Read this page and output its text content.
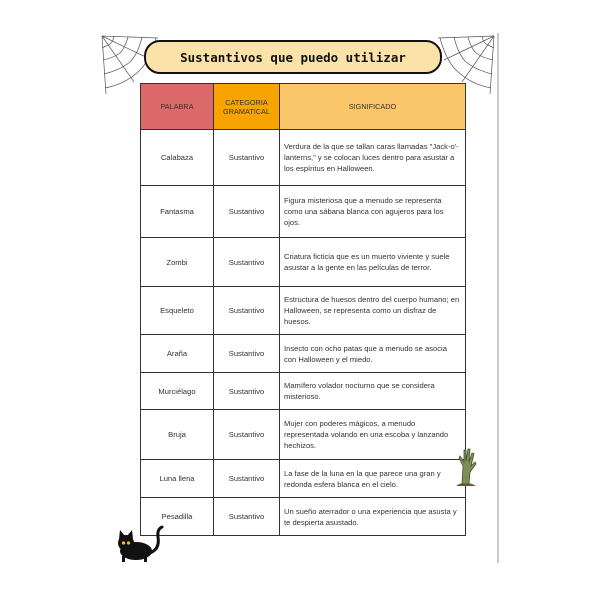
Sustantivos que puedo utilizar
PALABRA	CATEGORIA GRAMATICAL	SIGNIFICADO
Calabaza	Sustantivo	Verdura de la que se tallan caras llamadas "Jack-o'-lanterns," y se colocan luces dentro para asustar a los espíritus en Halloween.
Fantasma	Sustantivo	Figura misteriosa que a menudo se representa como una sábana blanca con agujeros para los ojos.
Zombi	Sustantivo	Criatura ficticia que es un muerto viviente y suele asustar a la gente en las películas de terror.
Esqueleto	Sustantivo	Estructura de huesos dentro del cuerpo humano; en Halloween, se representa como un disfraz de huesos.
Araña	Sustantivo	Insecto con ocho patas que a menudo se asocia con Halloween y el miedo.
Murciélago	Sustantivo	Mamífero volador nocturno que se considera misterioso.
Bruja	Sustantivo	Mujer con poderes mágicos, a menudo representada volando en una escoba y lanzando hechizos.
Luna llena	Sustantivo	La fase de la luna en la que parece una gran y redonda esfera blanca en el cielo.
Pesadilla	Sustantivo	Un sueño aterrador o una experiencia que asusta y te despierta asustado.
